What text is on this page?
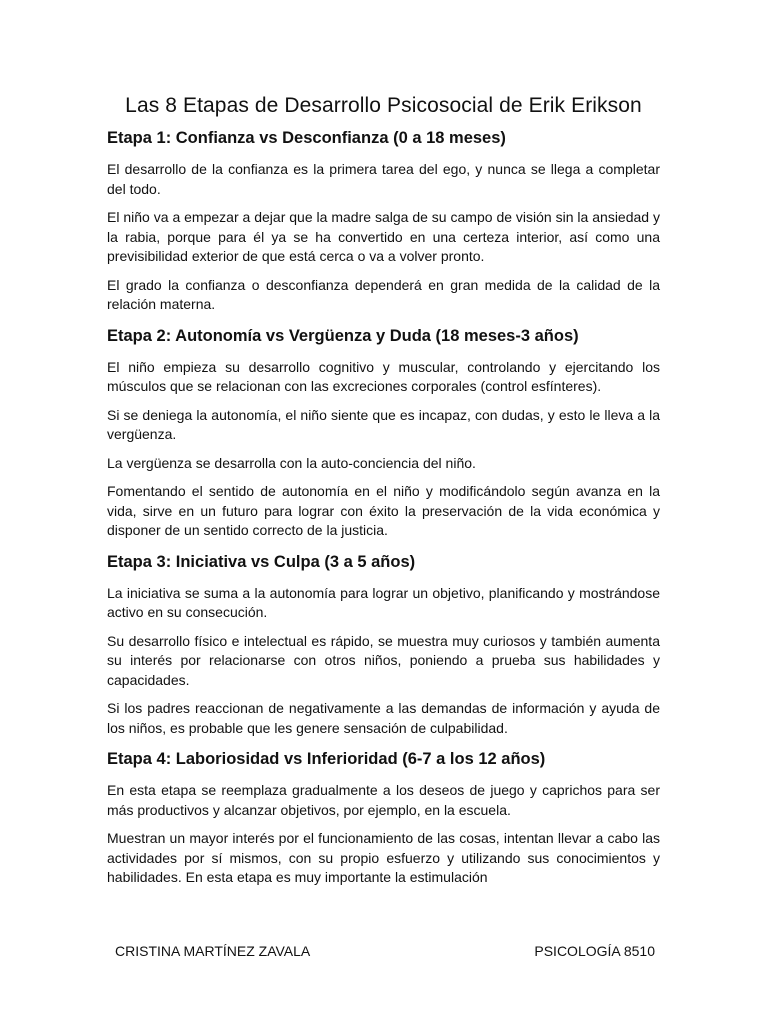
Las 8 Etapas de Desarrollo Psicosocial de Erik Erikson
Etapa 1: Confianza vs Desconfianza (0 a 18 meses)

El desarrollo de la confianza es la primera tarea del ego, y nunca se llega a completar del todo.

El niño va a empezar a dejar que la madre salga de su campo de visión sin la ansiedad y la rabia, porque para él ya se ha convertido en una certeza interior, así como una previsibilidad exterior de que está cerca o va a volver pronto.

El grado la confianza o desconfianza dependerá en gran medida de la calidad de la relación materna.

Etapa 2: Autonomía vs Vergüenza y Duda (18 meses-3 años)

El niño empieza su desarrollo cognitivo y muscular, controlando y ejercitando los músculos que se relacionan con las excreciones corporales (control esfínteres).

Si se deniega la autonomía, el niño siente que es incapaz, con dudas, y esto le lleva a la vergüenza.

La vergüenza se desarrolla con la auto-conciencia del niño.

Fomentando el sentido de autonomía en el niño y modificándolo según avanza en la vida, sirve en un futuro para lograr con éxito la preservación de la vida económica y disponer de un sentido correcto de la justicia.

Etapa 3: Iniciativa vs Culpa (3 a 5 años)

La iniciativa se suma a la autonomía para lograr un objetivo, planificando y mostrándose activo en su consecución.

Su desarrollo físico e intelectual es rápido, se muestra muy curiosos y también aumenta su interés por relacionarse con otros niños, poniendo a prueba sus habilidades y capacidades.

Si los padres reaccionan de negativamente a las demandas de información y ayuda de los niños, es probable que les genere sensación de culpabilidad.

Etapa 4: Laboriosidad vs Inferioridad (6-7 a los 12 años)

En esta etapa se reemplaza gradualmente a los deseos de juego y caprichos para ser más productivos y alcanzar objetivos, por ejemplo, en la escuela.

Muestran un mayor interés por el funcionamiento de las cosas, intentan llevar a cabo las actividades por sí mismos, con su propio esfuerzo y utilizando sus conocimientos y habilidades. En esta etapa es muy importante la estimulación

CRISTINA MARTÍNEZ ZAVALA	PSICOLOGÍA 8510
